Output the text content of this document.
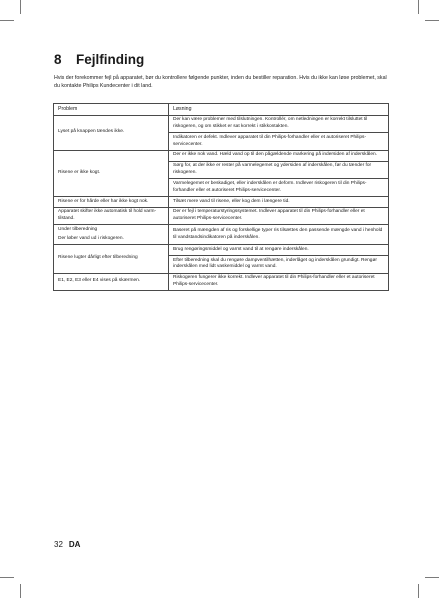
8 Fejlfinding

Hvis der forekommer fejl på apparatet, bør du kontrollere følgende punkter, inden du bestiller reparation. Hvis du ikke kan løse problemet, skal du kontakte Philips Kundecenter i dit land.

Problem	Løsning

Lyset på knappen tændes ikke.	Der kan være problemer med tilslutningen. Kontrollér, om netledningen er korrekt tilsluttet til riskogeren, og om stikket er sat korrekt i stikkontakten.
	Indikatoren er defekt. Indlever apparatet til din Philips-forhandler eller et autoriseret Philips-servicecenter.

Risene er ikke kogt.	Der er ikke nok vand. Hæld vand op til den pågældende markering på indersiden af inderskålen.
	Sørg for, at der ikke er rester på varmelegemet og ydersiden af inderskålen, før du tænder for riskogeren.
	Varmelegemet er beskadiget, eller inderskålen er deform. Indlever riskogeren til din Philips-forhandler eller et autoriseret Philips-servicecenter.

Risene er for hårde eller har ikke kogt nok.	Tilsæt mere vand til risene, eller kog dem i længere tid.

Apparatet skifter ikke automatisk til hold varm-tilstand.	Der er fejl i temperaturstyringssystemet. Indlever apparatet til din Philips-forhandler eller et autoriseret Philips-servicecenter.

Under tilberedning
Der løber vand ud i riskogeren.	Baseret på mængden af ris og forskellige typer ris tilsættes den passende mængde vand i henhold til vandstandsindikatoren på inderskålen.

Risene lugter dårligt efter tilberedning	Brug rengøringsmiddel og varmt vand til at rengøre inderskålen.
	Efter tilberedning skal du rengøre dampventilhætten, inderlåget og inderskålen grundigt. Rengør inderskålen med lidt vaskemiddel og varmt vand.

E1, E2, E3 eller E4 vises på skærmen.	Riskogeren fungerer ikke korrekt. Indlever apparatet til din Philips-forhandler eller et autoriseret Philips-servicecenter.
32 DA
